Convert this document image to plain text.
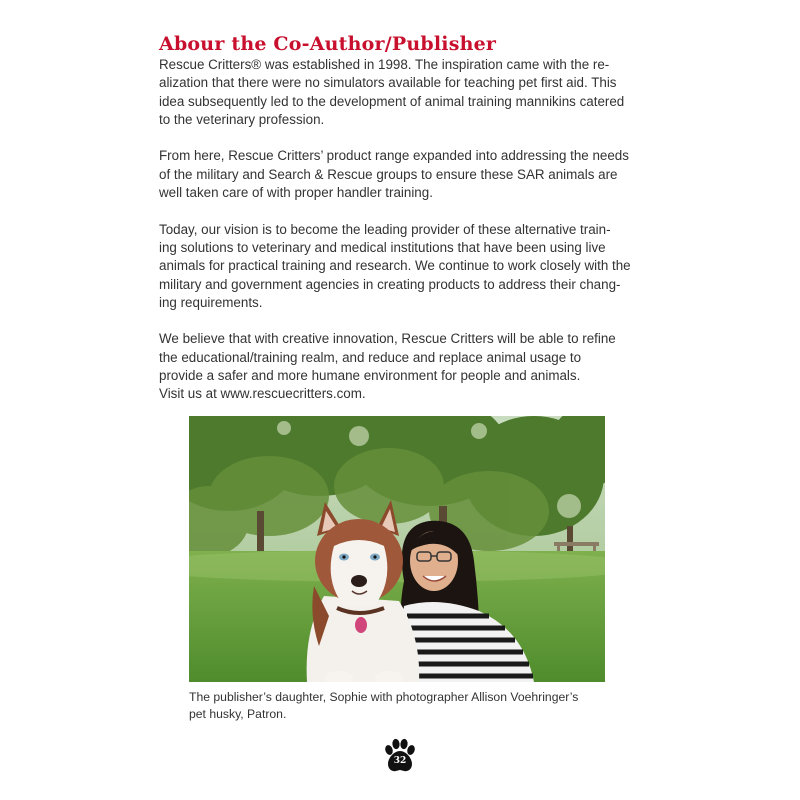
Abour the Co-Author/Publisher

Rescue Critters® was established in 1998. The inspiration came with the re-
alization that there were no simulators available for teaching pet first aid. This
idea subsequently led to the development of animal training mannikins catered
to the veterinary profession.

From here, Rescue Critters’ product range expanded into addressing the needs
of the military and Search & Rescue groups to ensure these SAR animals are
well taken care of with proper handler training.

Today, our vision is to become the leading provider of these alternative train-
ing solutions to veterinary and medical institutions that have been using live
animals for practical training and research. We continue to work closely with the
military and government agencies in creating products to address their chang-
ing requirements.

We believe that with creative innovation, Rescue Critters will be able to refine
the educational/training realm, and reduce and replace animal usage to
provide a safer and more humane environment for people and animals.
Visit us at www.rescuecritters.com.

The publisher’s daughter, Sophie with photographer Allison Voehringer’s
pet husky, Patron.
32
